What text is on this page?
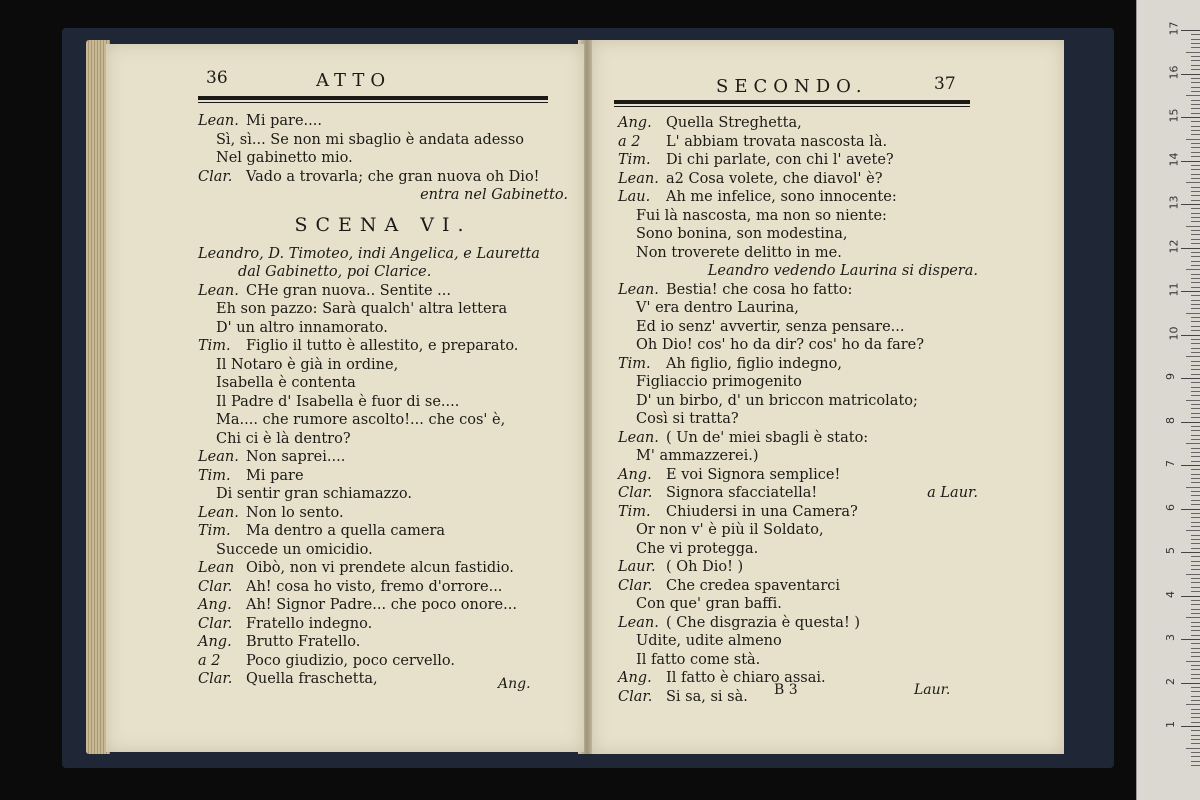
36	ATTO
Lean. Mi pare....
Sì, sì... Se non mi sbaglio è andata adesso
Nel gabinetto mio.
Clar. Vado a trovarla; che gran nuova oh Dio!
entra nel Gabinetto.
SCENA VI.
Leandro, D. Timoteo, indi Angelica, e Lauretta
dal Gabinetto, poi Clarice.
Lean. CHe gran nuova.. Sentite ...
Eh son pazzo: Sarà qualch' altra lettera
D' un altro innamorato.
Tim. Figlio il tutto è allestito, e preparato.
Il Notaro è già in ordine,
Isabella è contenta
Il Padre d' Isabella è fuor di se....
Ma.... che rumore ascolto!... che cos' è,
Chi ci è là dentro?
Lean. Non saprei....
Tim. Mi pare
Di sentir gran schiamazzo.
Lean. Non lo sento.
Tim. Ma dentro a quella camera
Succede un omicidio.
Lean Oibò, non vi prendete alcun fastidio.
Clar. Ah! cosa ho visto, fremo d'orrore...
Ang. Ah! Signor Padre... che poco onore...
Clar. Fratello indegno.
Ang. Brutto Fratello.
a 2 Poco giudizio, poco cervello.
Clar. Quella fraschetta,	Ang.
SECONDO.	37
Ang. Quella Streghetta,
a 2 L' abbiam trovata nascosta là.
Tim. Di chi parlate, con chi l' avete?
Lean. a2 Cosa volete, che diavol' è?
Lau. Ah me infelice, sono innocente:
Fui là nascosta, ma non so niente:
Sono bonina, son modestina,
Non troverete delitto in me.
Leandro vedendo Laurina si dispera.
Lean. Bestia! che cosa ho fatto:
V' era dentro Laurina,
Ed io senz' avvertir, senza pensare...
Oh Dio! cos' ho da dir? cos' ho da fare?
Tim. Ah figlio, figlio indegno,
Figliaccio primogenito
D' un birbo, d' un briccon matricolato;
Così si tratta?
Lean. ( Un de' miei sbagli è stato:
M' ammazzerei.)
Ang. E voi Signora semplice!
Clar. Signora sfacciatella!	a Laur.
Tim. Chiudersi in una Camera?
Or non v' è più il Soldato,
Che vi protegga.
Laur. ( Oh Dio! )
Clar. Che credea spaventarci
Con que' gran baffi.
Lean. ( Che disgrazia è questa! )
Udite, udite almeno
Il fatto come stà.
Ang. Il fatto è chiaro assai.
Clar. Si sa, si sà.	B 3	Laur.
17
16
15
14
13
12
11
10
9
8
7
6
5
4
3
2
1
